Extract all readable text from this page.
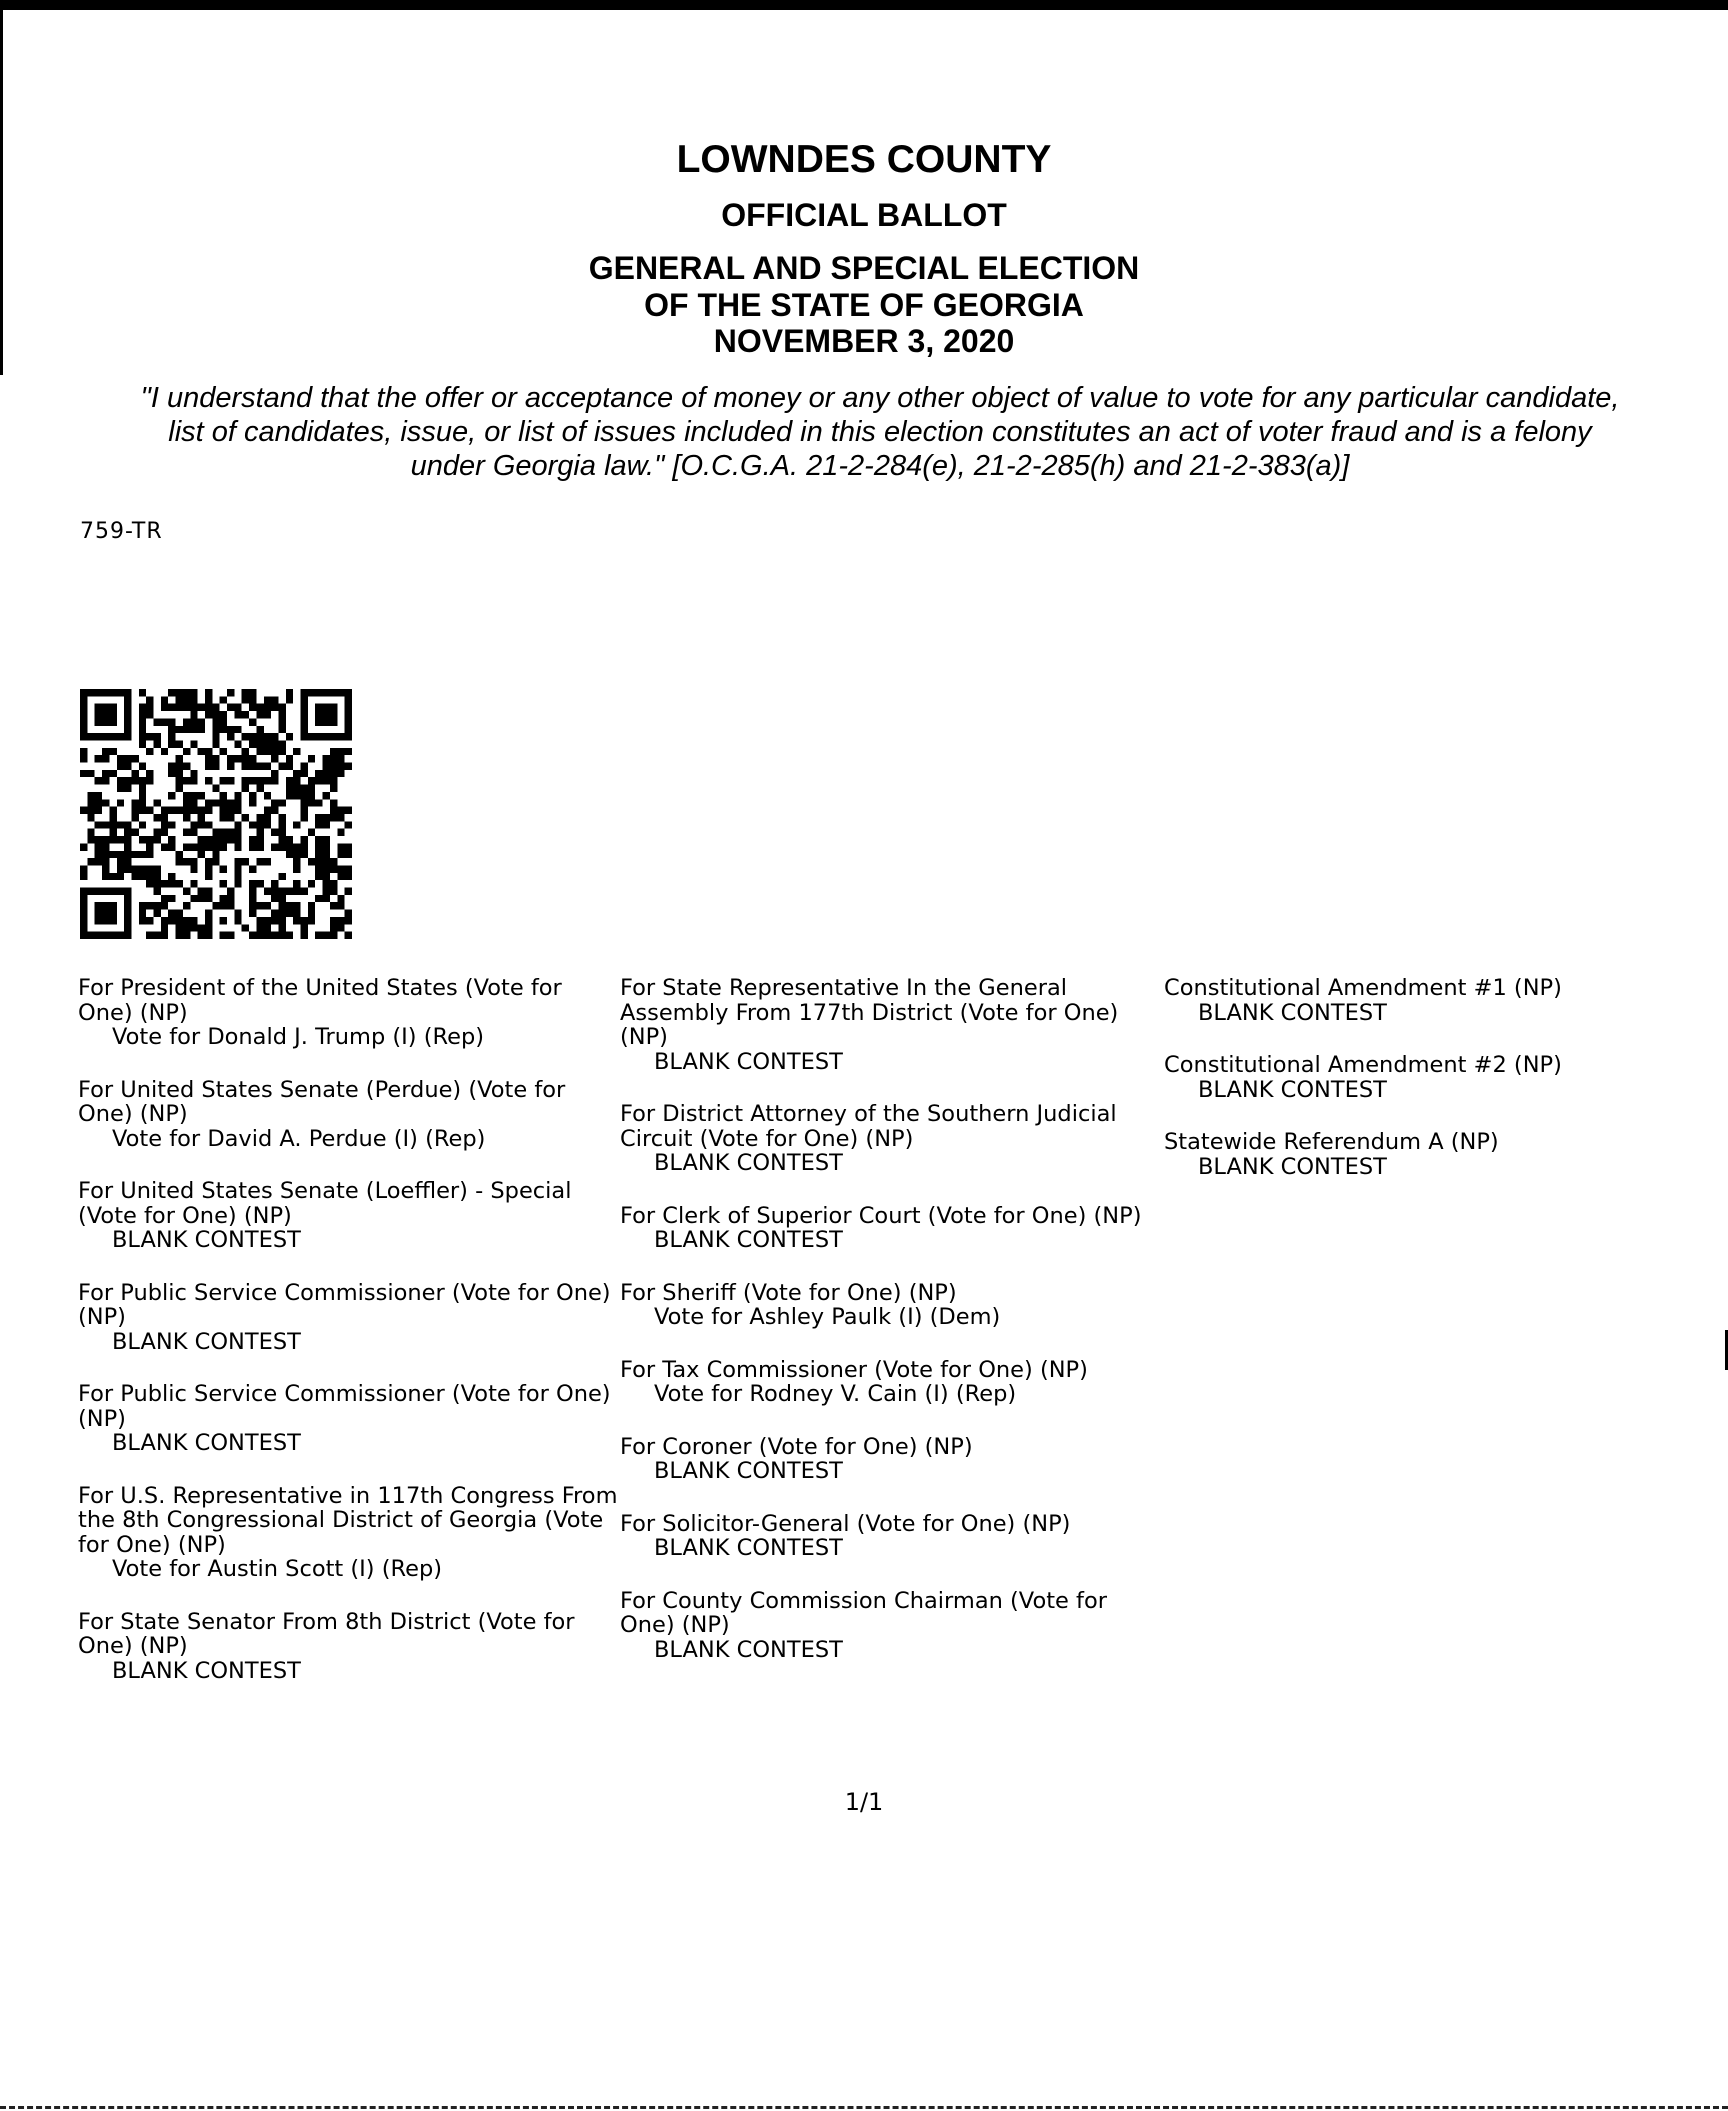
LOWNDES COUNTY
OFFICIAL BALLOT
GENERAL AND SPECIAL ELECTION
OF THE STATE OF GEORGIA
NOVEMBER 3, 2020
"I understand that the offer or acceptance of money or any other object of value to vote for any particular candidate,
list of candidates, issue, or list of issues included in this election constitutes an act of voter fraud and is a felony
under Georgia law." [O.C.G.A. 21-2-284(e), 21-2-285(h) and 21-2-383(a)]
759-TR
For President of the United States (Vote for One) (NP)
Vote for Donald J. Trump (I) (Rep)
For United States Senate (Perdue) (Vote for One) (NP)
Vote for David A. Perdue (I) (Rep)
For United States Senate (Loeffler) - Special (Vote for One) (NP)
BLANK CONTEST
For Public Service Commissioner (Vote for One) (NP)
BLANK CONTEST
For Public Service Commissioner (Vote for One) (NP)
BLANK CONTEST
For U.S. Representative in 117th Congress From the 8th Congressional District of Georgia (Vote for One) (NP)
Vote for Austin Scott (I) (Rep)
For State Senator From 8th District (Vote for One) (NP)
BLANK CONTEST
For State Representative In the General Assembly From 177th District (Vote for One) (NP)
BLANK CONTEST
For District Attorney of the Southern Judicial Circuit (Vote for One) (NP)
BLANK CONTEST
For Clerk of Superior Court (Vote for One) (NP)
BLANK CONTEST
For Sheriff (Vote for One) (NP)
Vote for Ashley Paulk (I) (Dem)
For Tax Commissioner (Vote for One) (NP)
Vote for Rodney V. Cain (I) (Rep)
For Coroner (Vote for One) (NP)
BLANK CONTEST
For Solicitor-General (Vote for One) (NP)
BLANK CONTEST
For County Commission Chairman (Vote for One) (NP)
BLANK CONTEST
Constitutional Amendment #1 (NP)
BLANK CONTEST
Constitutional Amendment #2 (NP)
BLANK CONTEST
Statewide Referendum A (NP)
BLANK CONTEST
1/1
